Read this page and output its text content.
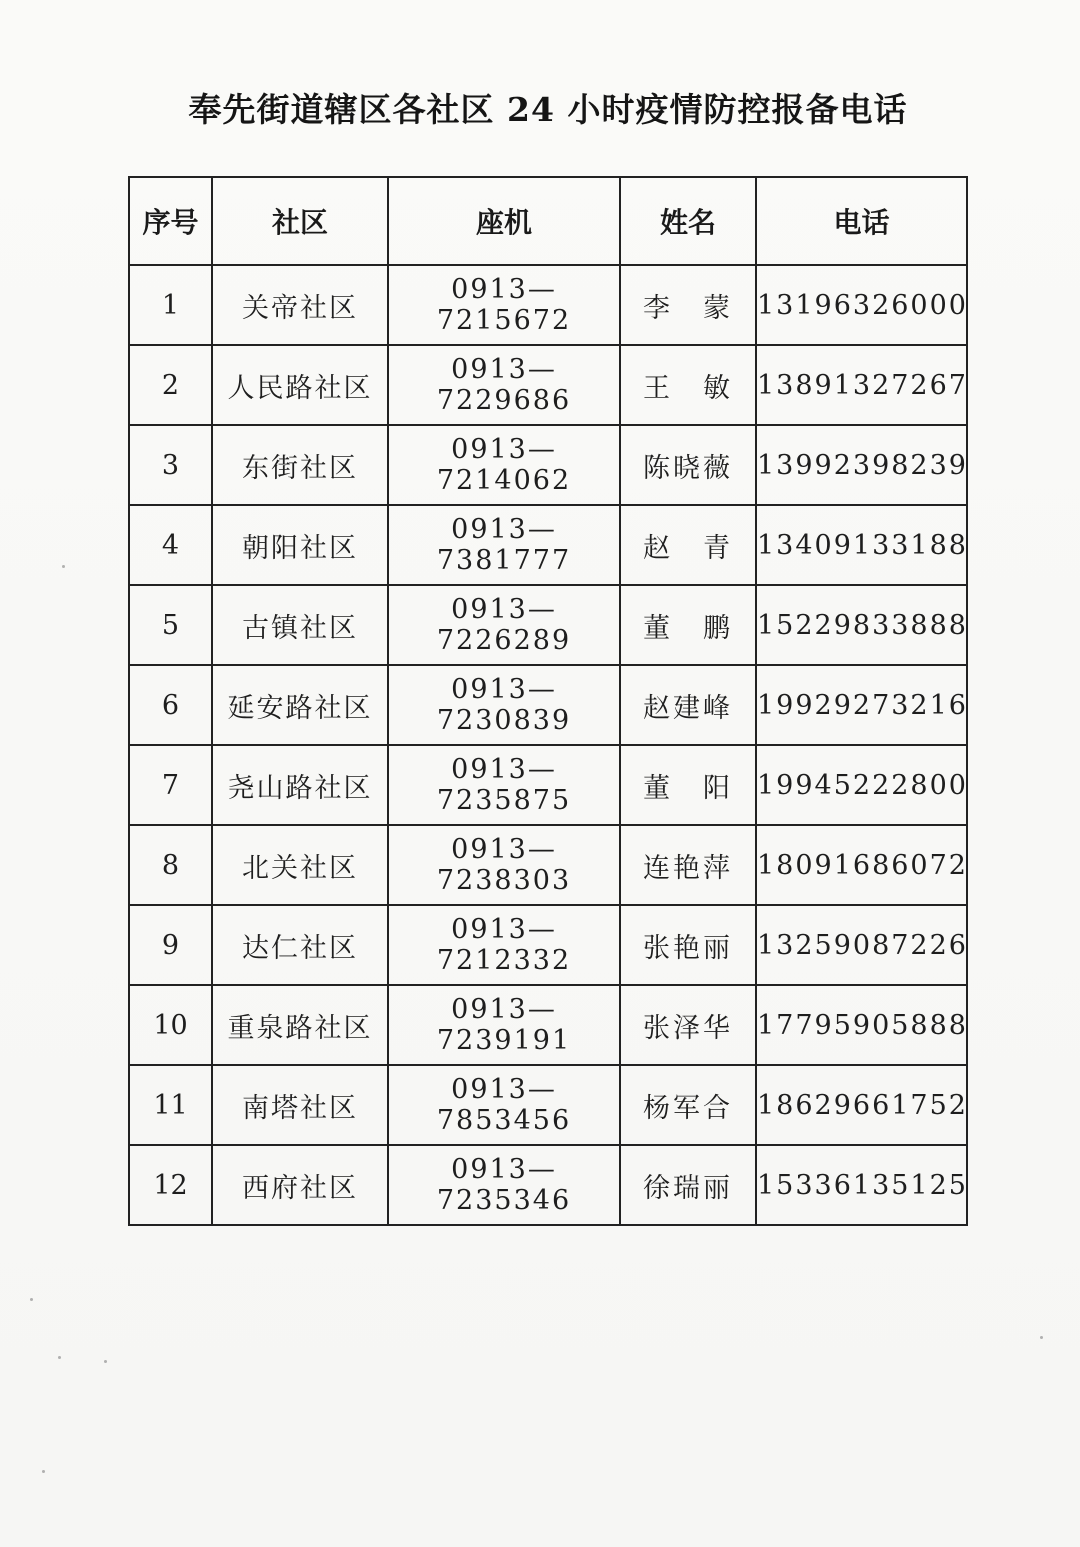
奉先街道辖区各社区 24 小时疫情防控报备电话
序号	社区	座机	姓名	电话
1	关帝社区	0913—7215672	李　蒙	13196326000
2	人民路社区	0913—7229686	王　敏	13891327267
3	东街社区	0913—7214062	陈晓薇	13992398239
4	朝阳社区	0913—7381777	赵　青	13409133188
5	古镇社区	0913—7226289	董　鹏	15229833888
6	延安路社区	0913—7230839	赵建峰	19929273216
7	尧山路社区	0913—7235875	董　阳	19945222800
8	北关社区	0913—7238303	连艳萍	18091686072
9	达仁社区	0913—7212332	张艳丽	13259087226
10	重泉路社区	0913—7239191	张泽华	17795905888
11	南塔社区	0913—7853456	杨军合	18629661752
12	西府社区	0913—7235346	徐瑞丽	15336135125
